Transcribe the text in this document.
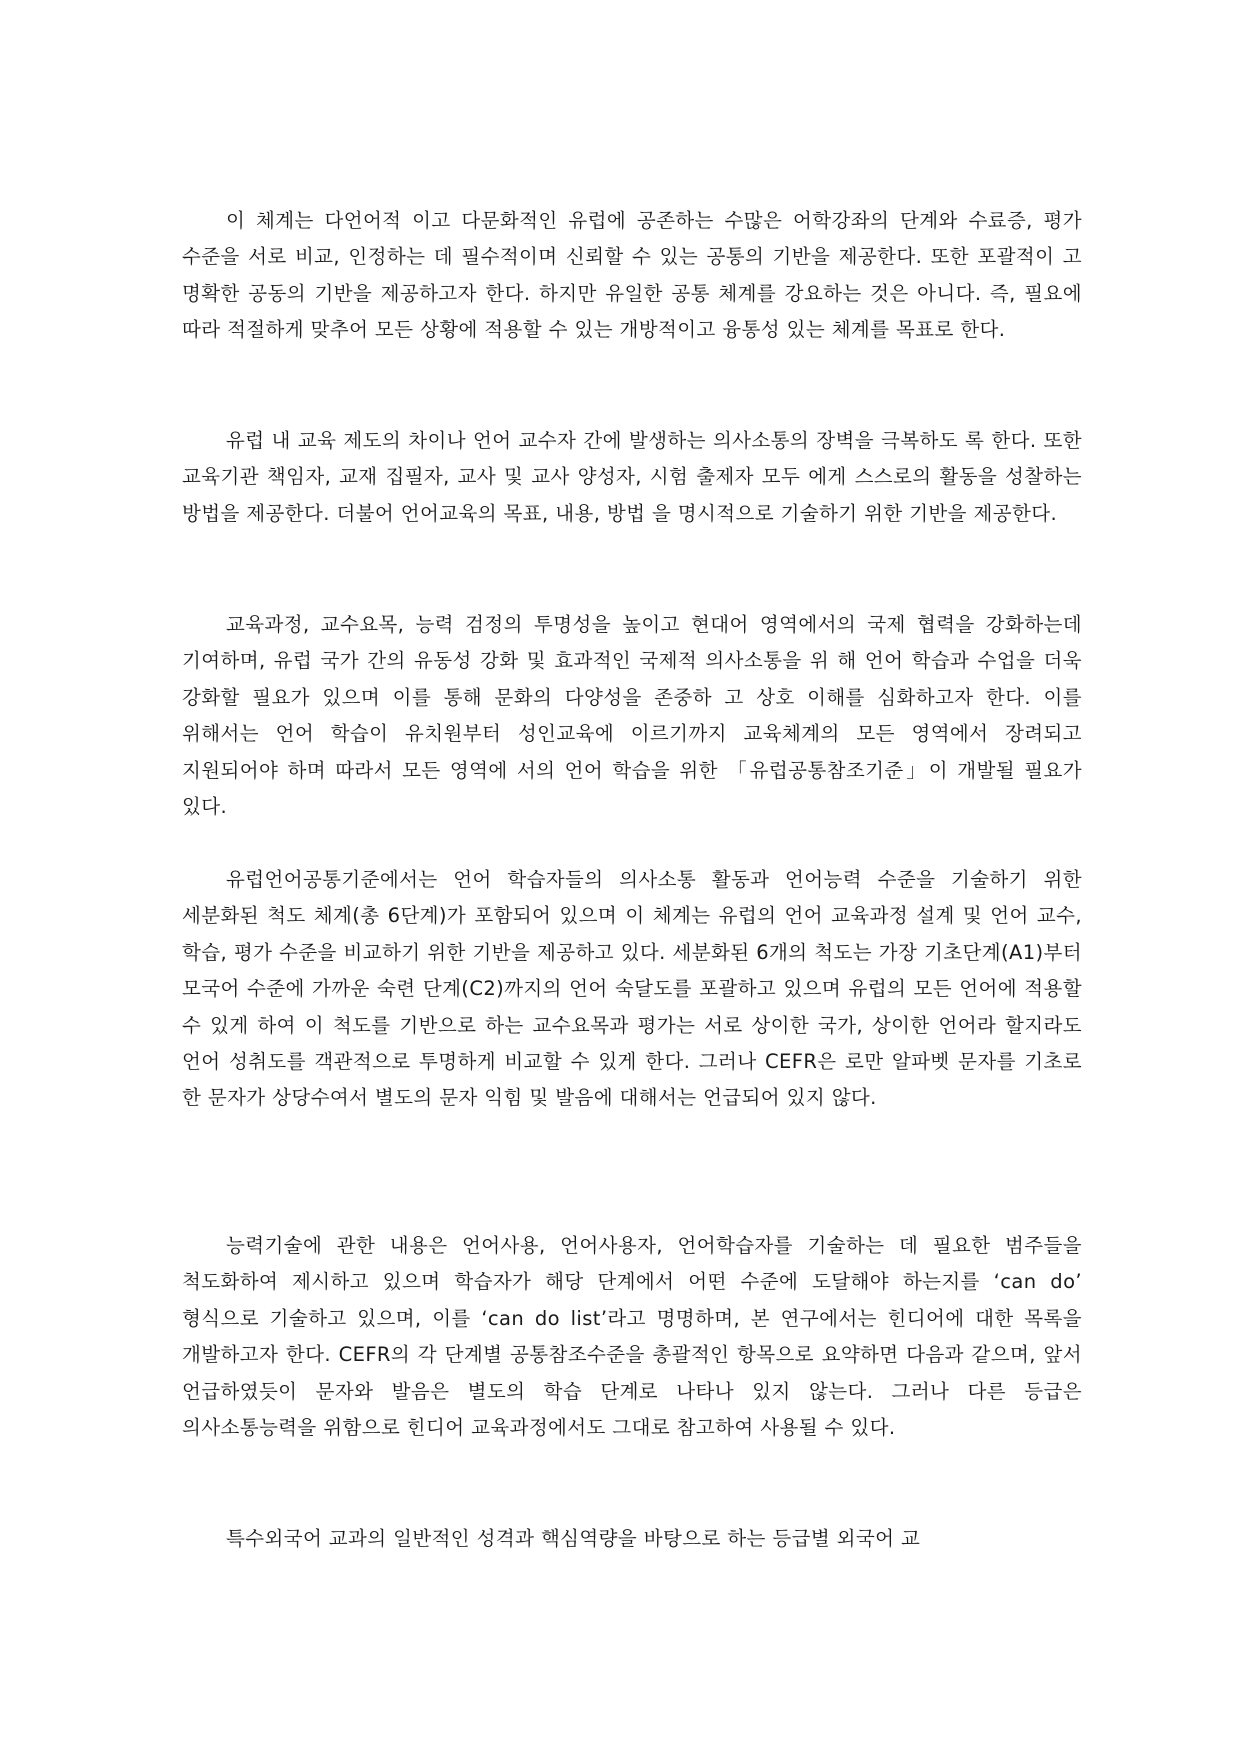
이 체계는 다언어적 이고 다문화적인 유럽에 공존하는 수많은 어학강좌의 단계와 수료증, 평가 수준을 서로 비교, 인정하는 데 필수적이며 신뢰할 수 있는 공통의 기반을 제공한다. 또한 포괄적이 고 명확한 공동의 기반을 제공하고자 한다. 하지만 유일한 공통 체계를 강요하는 것은 아니다. 즉, 필요에 따라 적절하게 맞추어 모든 상황에 적용할 수 있는 개방적이고 융통성 있는 체계를 목표로 한다.

유럽 내 교육 제도의 차이나 언어 교수자 간에 발생하는 의사소통의 장벽을 극복하도 록 한다. 또한 교육기관 책임자, 교재 집필자, 교사 및 교사 양성자, 시험 출제자 모두 에게 스스로의 활동을 성찰하는 방법을 제공한다. 더불어 언어교육의 목표, 내용, 방법 을 명시적으로 기술하기 위한 기반을 제공한다.

교육과정, 교수요목, 능력 검정의 투명성을 높이고 현대어 영역에서의 국제 협력을 강화하는데 기여하며, 유럽 국가 간의 유동성 강화 및 효과적인 국제적 의사소통을 위 해 언어 학습과 수업을 더욱 강화할 필요가 있으며 이를 통해 문화의 다양성을 존중하 고 상호 이해를 심화하고자 한다. 이를 위해서는 언어 학습이 유치원부터 성인교육에 이르기까지 교육체계의 모든 영역에서 장려되고 지원되어야 하며 따라서 모든 영역에 서의 언어 학습을 위한 「유럽공통참조기준」이 개발될 필요가 있다.

유럽언어공통기준에서는 언어 학습자들의 의사소통 활동과 언어능력 수준을 기술하기 위한 세분화된 척도 체계(총 6단계)가 포함되어 있으며 이 체계는 유럽의 언어 교육과정 설계 및 언어 교수, 학습, 평가 수준을 비교하기 위한 기반을 제공하고 있다. 세분화된 6개의 척도는 가장 기초단계(A1)부터 모국어 수준에 가까운 숙련 단계(C2)까지의 언어 숙달도를 포괄하고 있으며 유럽의 모든 언어에 적용할 수 있게 하여 이 척도를 기반으로 하는 교수요목과 평가는 서로 상이한 국가, 상이한 언어라 할지라도 언어 성취도를 객관적으로 투명하게 비교할 수 있게 한다. 그러나 CEFR은 로만 알파벳 문자를 기초로 한 문자가 상당수여서 별도의 문자 익힘 및 발음에 대해서는 언급되어 있지 않다.

능력기술에 관한 내용은 언어사용, 언어사용자, 언어학습자를 기술하는 데 필요한 범주들을 척도화하여 제시하고 있으며 학습자가 해당 단계에서 어떤 수준에 도달해야 하는지를 ‘can do’ 형식으로 기술하고 있으며, 이를 ‘can do list’라고 명명하며, 본 연구에서는 힌디어에 대한 목록을 개발하고자 한다. CEFR의 각 단계별 공통참조수준을 총괄적인 항목으로 요약하면 다음과 같으며, 앞서 언급하였듯이 문자와 발음은 별도의 학습 단계로 나타나 있지 않는다. 그러나 다른 등급은 의사소통능력을 위함으로 힌디어 교육과정에서도 그대로 참고하여 사용될 수 있다.

특수외국어 교과의 일반적인 성격과 핵심역량을 바탕으로 하는 등급별 외국어 교
